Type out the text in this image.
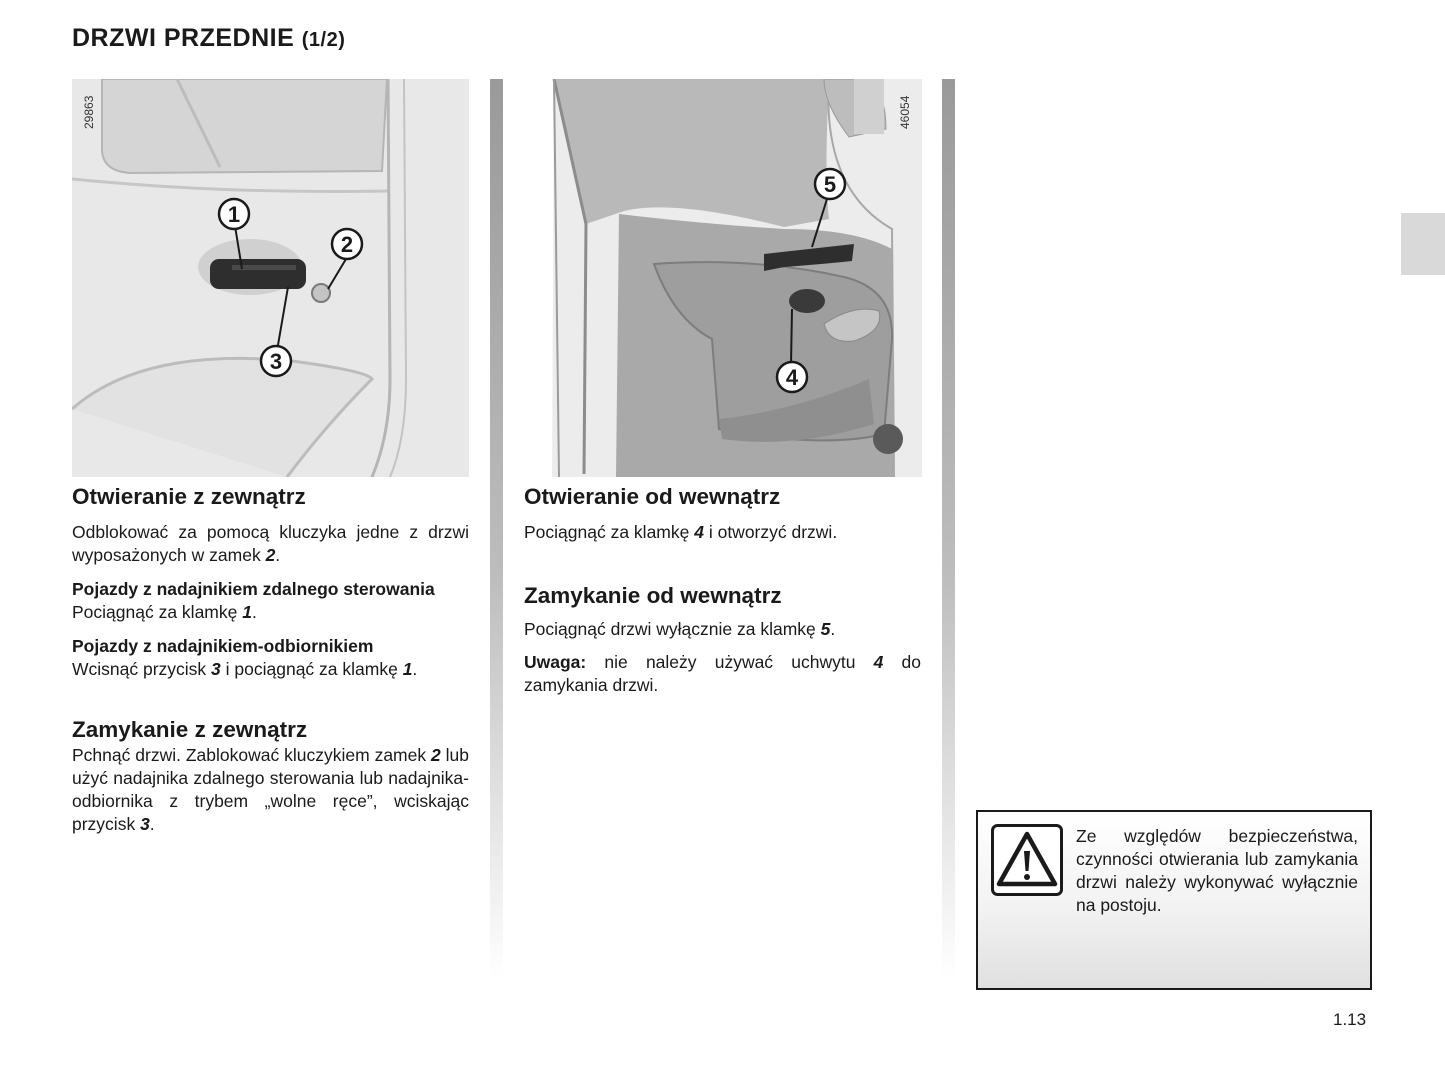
DRZWI PRZEDNIE (1/2)
29863
1
2
3
46054
5
4
Otwieranie z zewnątrz

Odblokować za pomocą kluczyka jedne z drzwi wyposażonych w zamek 2.

Pojazdy z nadajnikiem zdalnego sterowania

Pociągnąć za klamkę 1.

Pojazdy z nadajnikiem-odbiornikiem

Wcisnąć przycisk 3 i pociągnąć za klamkę 1.

Zamykanie z zewnątrz

Pchnąć drzwi. Zablokować kluczykiem zamek 2 lub użyć nadajnika zdalnego sterowania lub nadajnika-odbiornika z trybem „wolne ręce”, wciskając przycisk 3.

Otwieranie od wewnątrz

Pociągnąć za klamkę 4 i otworzyć drzwi.

Zamykanie od wewnątrz

Pociągnąć drzwi wyłącznie za klamkę 5.

Uwaga: nie należy używać uchwytu 4 do zamykania drzwi.

Ze względów bezpieczeństwa, czynności otwierania lub zamykania drzwi należy wykonywać wyłącznie na postoju.
1.13
